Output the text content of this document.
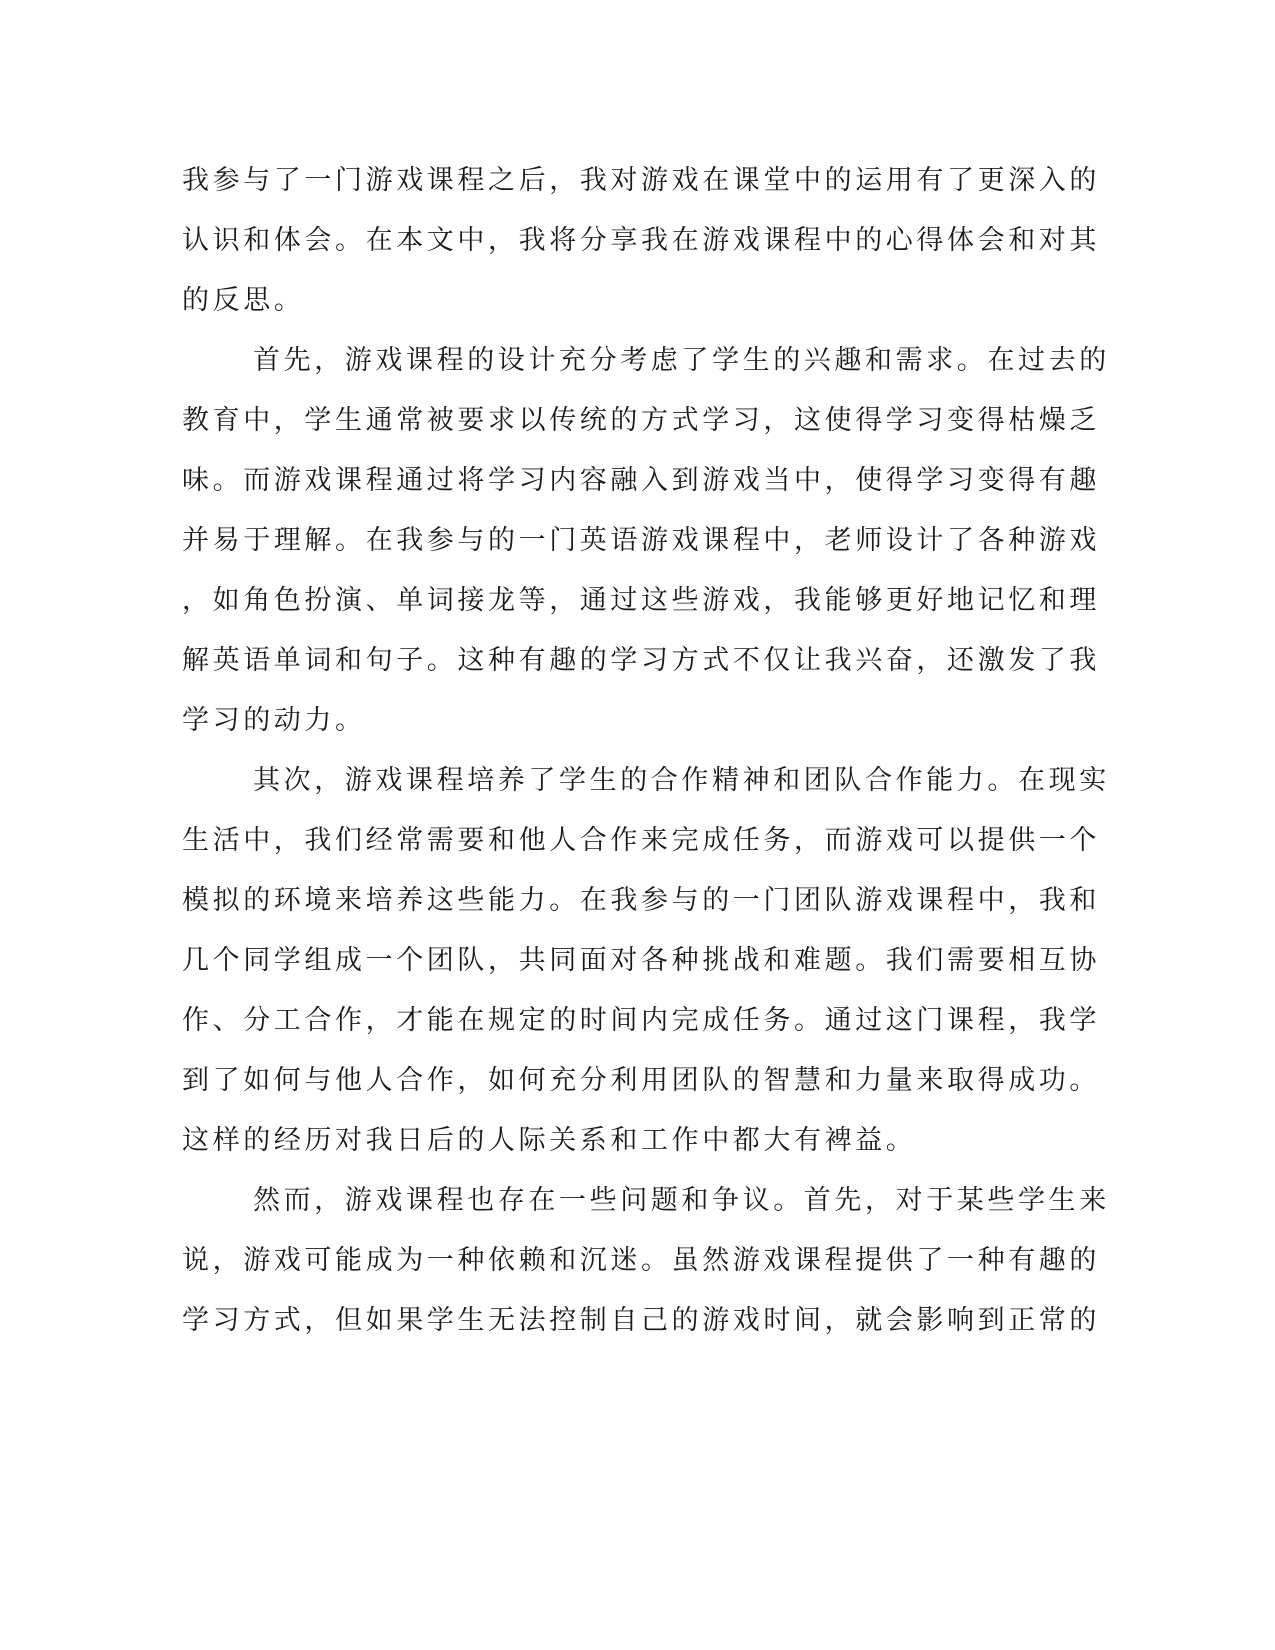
我参与了一门游戏课程之后，我对游戏在课堂中的运用有了更深入的
认识和体会。在本文中，我将分享我在游戏课程中的心得体会和对其
的反思。
首先，游戏课程的设计充分考虑了学生的兴趣和需求。在过去的
教育中，学生通常被要求以传统的方式学习，这使得学习变得枯燥乏
味。而游戏课程通过将学习内容融入到游戏当中，使得学习变得有趣
并易于理解。在我参与的一门英语游戏课程中，老师设计了各种游戏
，如角色扮演、单词接龙等，通过这些游戏，我能够更好地记忆和理
解英语单词和句子。这种有趣的学习方式不仅让我兴奋，还激发了我
学习的动力。
其次，游戏课程培养了学生的合作精神和团队合作能力。在现实
生活中，我们经常需要和他人合作来完成任务，而游戏可以提供一个
模拟的环境来培养这些能力。在我参与的一门团队游戏课程中，我和
几个同学组成一个团队，共同面对各种挑战和难题。我们需要相互协
作、分工合作，才能在规定的时间内完成任务。通过这门课程，我学
到了如何与他人合作，如何充分利用团队的智慧和力量来取得成功。
这样的经历对我日后的人际关系和工作中都大有裨益。
然而，游戏课程也存在一些问题和争议。首先，对于某些学生来
说，游戏可能成为一种依赖和沉迷。虽然游戏课程提供了一种有趣的
学习方式，但如果学生无法控制自己的游戏时间，就会影响到正常的
